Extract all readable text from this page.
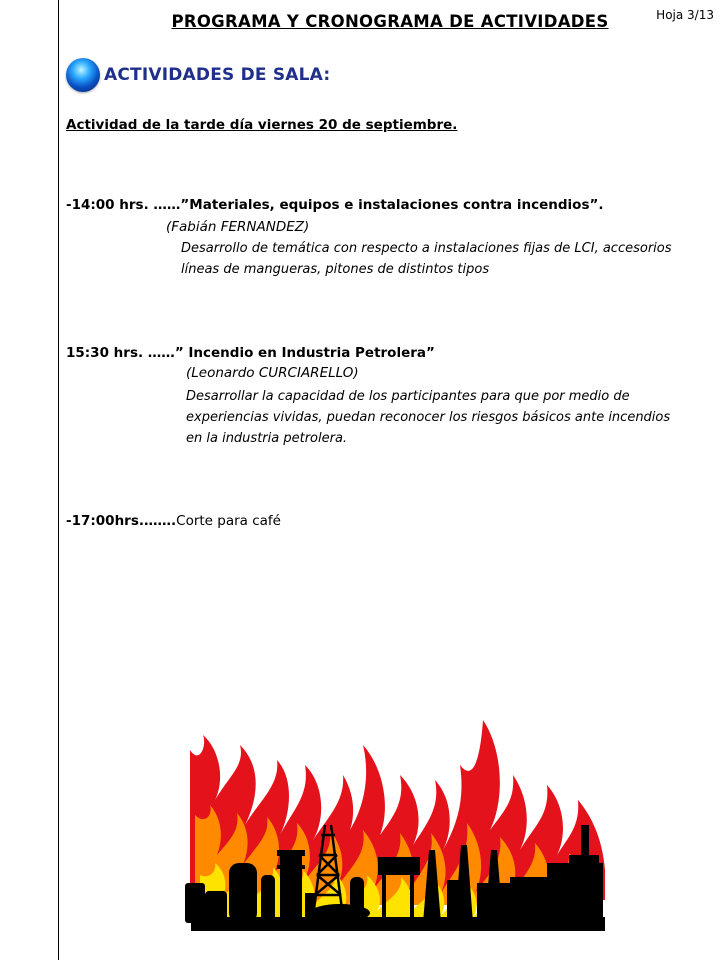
PROGRAMA Y CRONOGRAMA DE ACTIVIDADES	Hoja 3/13
ACTIVIDADES DE SALA:
Actividad de la tarde día viernes 20 de septiembre.
-14:00 hrs. ……”Materiales, equipos e instalaciones contra incendios”.
(Fabián FERNANDEZ)
Desarrollo de temática con respecto a instalaciones fijas de LCI, accesorios
líneas de mangueras, pitones de distintos tipos
15:30 hrs. ……” Incendio en Industria Petrolera”
(Leonardo CURCIARELLO)
Desarrollar la capacidad de los participantes para que por medio de
experiencias vividas, puedan reconocer los riesgos básicos ante incendios
en la industria petrolera.
-17:00hrs.…….Corte para café
